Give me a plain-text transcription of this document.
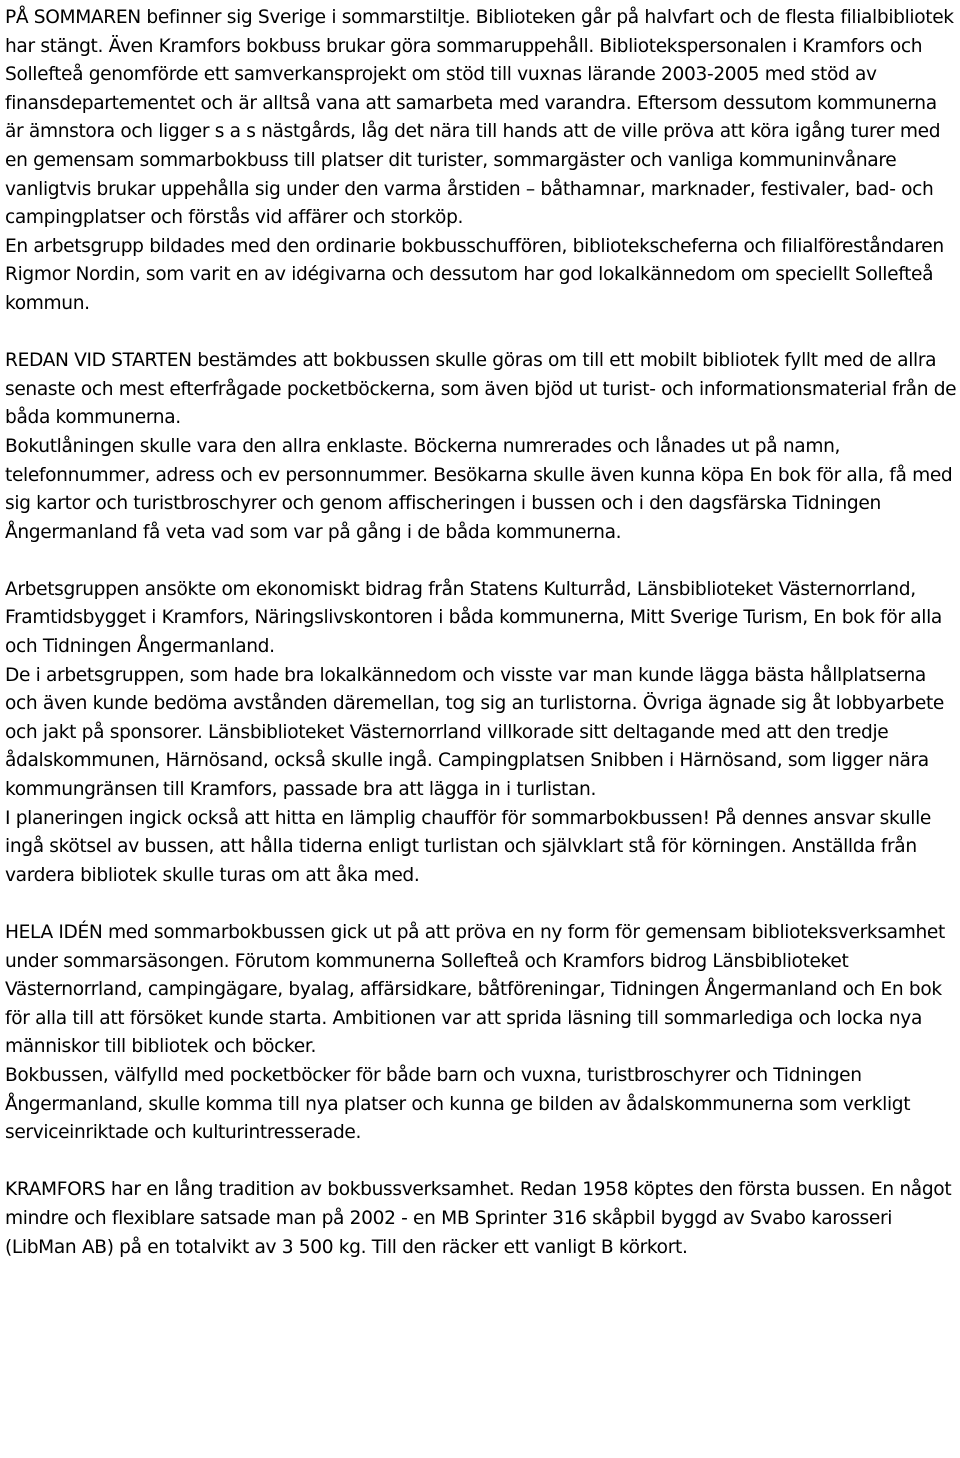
PÅ SOMMAREN befinner sig Sverige i sommarstiltje. Biblioteken går på halvfart och de flesta filialbibliotek har stängt. Även Kramfors bokbuss brukar göra sommaruppehåll. Bibliotekspersonalen i Kramfors och Sollefteå genomförde ett samverkansprojekt om stöd till vuxnas lärande 2003-2005 med stöd av finansdepartementet och är alltså vana att samarbeta med varandra. Eftersom dessutom kommunerna är ämnstora och ligger s a s nästgårds, låg det nära till hands att de ville pröva att köra igång turer med en gemensam sommarbokbuss till platser dit turister, sommargäster och vanliga kommuninvånare vanligtvis brukar uppehålla sig under den varma årstiden – båthamnar, marknader, festivaler, bad- och campingplatser och förstås vid affärer och storköp.

En arbetsgrupp bildades med den ordinarie bokbusschufförеn, bibliotekscheferna och filialföreståndaren Rigmor Nordin, som varit en av idégivarna och dessutom har god lokalkännedom om speciellt Sollefteå kommun.

REDAN VID STARTEN bestämdes att bokbussen skulle göras om till ett mobilt bibliotek fyllt med de allra senaste och mest efterfrågade pocketböckerna, som även bjöd ut turist- och informationsmaterial från de båda kommunerna.

Bokutlåningen skulle vara den allra enklaste. Böckerna numrerades och lånades ut på namn, telefonnummer, adress och ev personnummer. Besökarna skulle även kunna köpa En bok för alla, få med sig kartor och turistbroschyrer och genom affischeringen i bussen och i den dagsfärska Tidningen Ångermanland få veta vad som var på gång i de båda kommunerna.

Arbetsgruppen ansökte om ekonomiskt bidrag från Statens Kulturråd, Länsbiblioteket Västernorrland, Framtidsbygget i Kramfors, Näringslivskontoren i båda kommunerna, Mitt Sverige Turism, En bok för alla och Tidningen Ångermanland.

De i arbetsgruppen, som hade bra lokalkännedom och visste var man kunde lägga bästa hållplatserna och även kunde bedöma avstånden däremellan, tog sig an turlistorna. Övriga ägnade sig åt lobbyarbete och jakt på sponsorer. Länsbiblioteket Västernorrland villkorade sitt deltagande med att den tredje ådalskommunen, Härnösand, också skulle ingå. Campingplatsen Snibben i Härnösand, som ligger nära kommungränsen till Kramfors, passade bra att lägga in i turlistan.

I planeringen ingick också att hitta en lämplig chaufför för sommarbokbussen! På dennes ansvar skulle ingå skötsel av bussen, att hålla tiderna enligt turlistan och självklart stå för körningen. Anställda från vardera bibliotek skulle turas om att åka med.

HELA IDÉN med sommarbokbussen gick ut på att pröva en ny form för gemensam biblioteksverksamhet under sommarsäsongen. Förutom kommunerna Sollefteå och Kramfors bidrog Länsbiblioteket Västernorrland, campingägare, byalag, affärsidkare, båtföreningar, Tidningen Ångermanland och En bok för alla till att försöket kunde starta. Ambitionen var att sprida läsning till sommarlediga och locka nya människor till bibliotek och böcker.

Bokbussen, välfylld med pocketböcker för både barn och vuxna, turistbroschyrer och Tidningen Ångermanland, skulle komma till nya platser och kunna ge bilden av ådalskommunerna som verkligt serviceinriktade och kulturintresserade.

KRAMFORS har en lång tradition av bokbussverksamhet. Redan 1958 köptes den första bussen. En något mindre och flexiblare satsade man på 2002 - en MB Sprinter 316 skåpbil byggd av Svabo karosseri (LibMan AB) på en totalvikt av 3 500 kg. Till den räcker ett vanligt B körkort.
